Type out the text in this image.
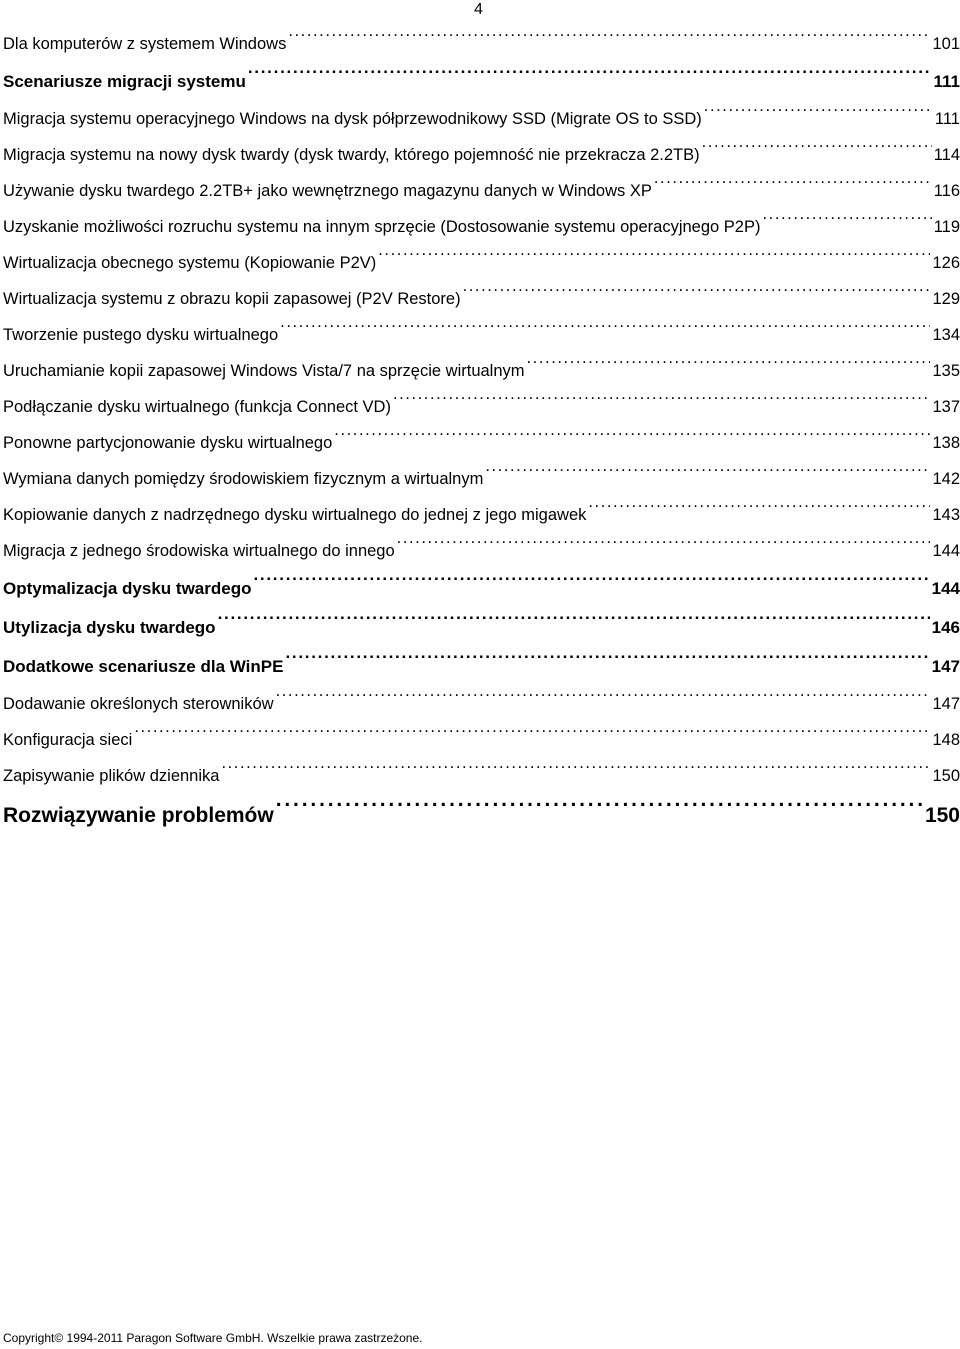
4
Dla komputerów z systemem Windows . . .	101
Scenariusze migracji systemu . . .	111
Migracja systemu operacyjnego Windows na dysk półprzewodnikowy SSD (Migrate OS to SSD) . . .	111
Migracja systemu na nowy dysk twardy (dysk twardy, którego pojemność nie przekracza 2.2TB) . . .	114
Używanie dysku twardego 2.2TB+ jako wewnętrznego magazynu danych w Windows XP . . .	116
Uzyskanie możliwości rozruchu systemu na innym sprzęcie (Dostosowanie systemu operacyjnego P2P) . . .	119
Wirtualizacja obecnego systemu (Kopiowanie P2V) . . .	126
Wirtualizacja systemu z obrazu kopii zapasowej (P2V Restore) . . .	129
Tworzenie pustego dysku wirtualnego . . .	134
Uruchamianie kopii zapasowej Windows Vista/7 na sprzęcie wirtualnym . . .	135
Podłączanie dysku wirtualnego (funkcja Connect VD) . . .	137
Ponowne partycjonowanie dysku wirtualnego . . .	138
Wymiana danych pomiędzy środowiskiem fizycznym a wirtualnym . . .	142
Kopiowanie danych z nadrzędnego dysku wirtualnego do jednej z jego migawek . . .	143
Migracja z jednego środowiska wirtualnego do innego . . .	144
Optymalizacja dysku twardego . . .	144
Utylizacja dysku twardego . . .	146
Dodatkowe scenariusze dla WinPE . . .	147
Dodawanie określonych sterowników . . .	147
Konfiguracja sieci . . .	148
Zapisywanie plików dziennika . . .	150
Rozwiązywanie problemów . . .	150
Copyright© 1994-2011 Paragon Software GmbH. Wszelkie prawa zastrzeżone.
